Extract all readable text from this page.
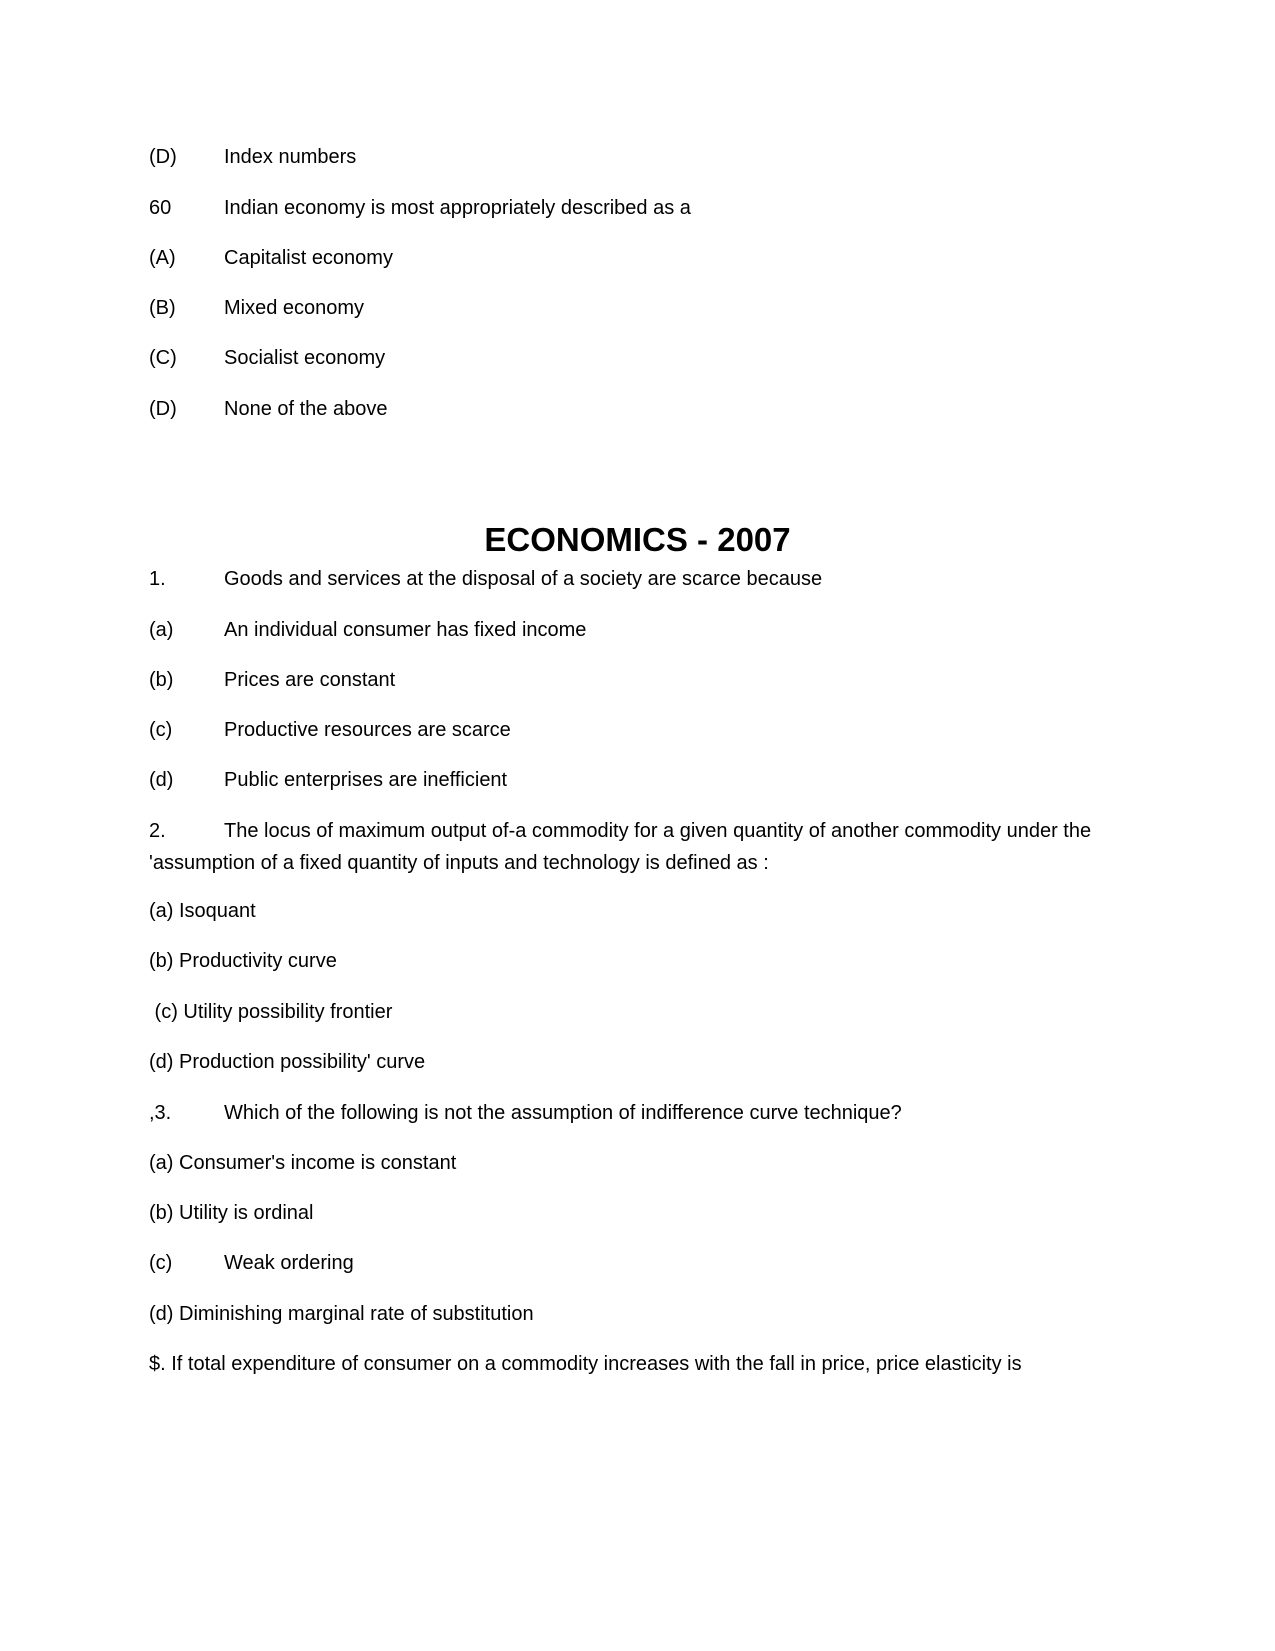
(D) Index numbers
60	Indian economy is most appropriately described as a
(A) Capitalist economy
(B) Mixed economy
(C) Socialist economy
(D) None of the above
ECONOMICS - 2007
1.	Goods and services at the disposal of a society are scarce because
(a)	An individual consumer has fixed income
(b)	Prices are constant
(c)	Productive resources are scarce
(d)	Public enterprises are inefficient
2.	The locus of maximum output of-a commodity for a given quantity of another commodity under the 'assumption of a fixed quantity of inputs and technology is defined as :
(a) Isoquant
(b) Productivity curve
(c) Utility possibility frontier
(d) Production possibility' curve
,3.	Which of the following is not the assumption of indifference curve technique?
(a) Consumer's income is constant
(b) Utility is ordinal
(c)	Weak ordering
(d) Diminishing marginal rate of substitution
$. If total expenditure of consumer on a commodity increases with the fall in price, price elasticity is
